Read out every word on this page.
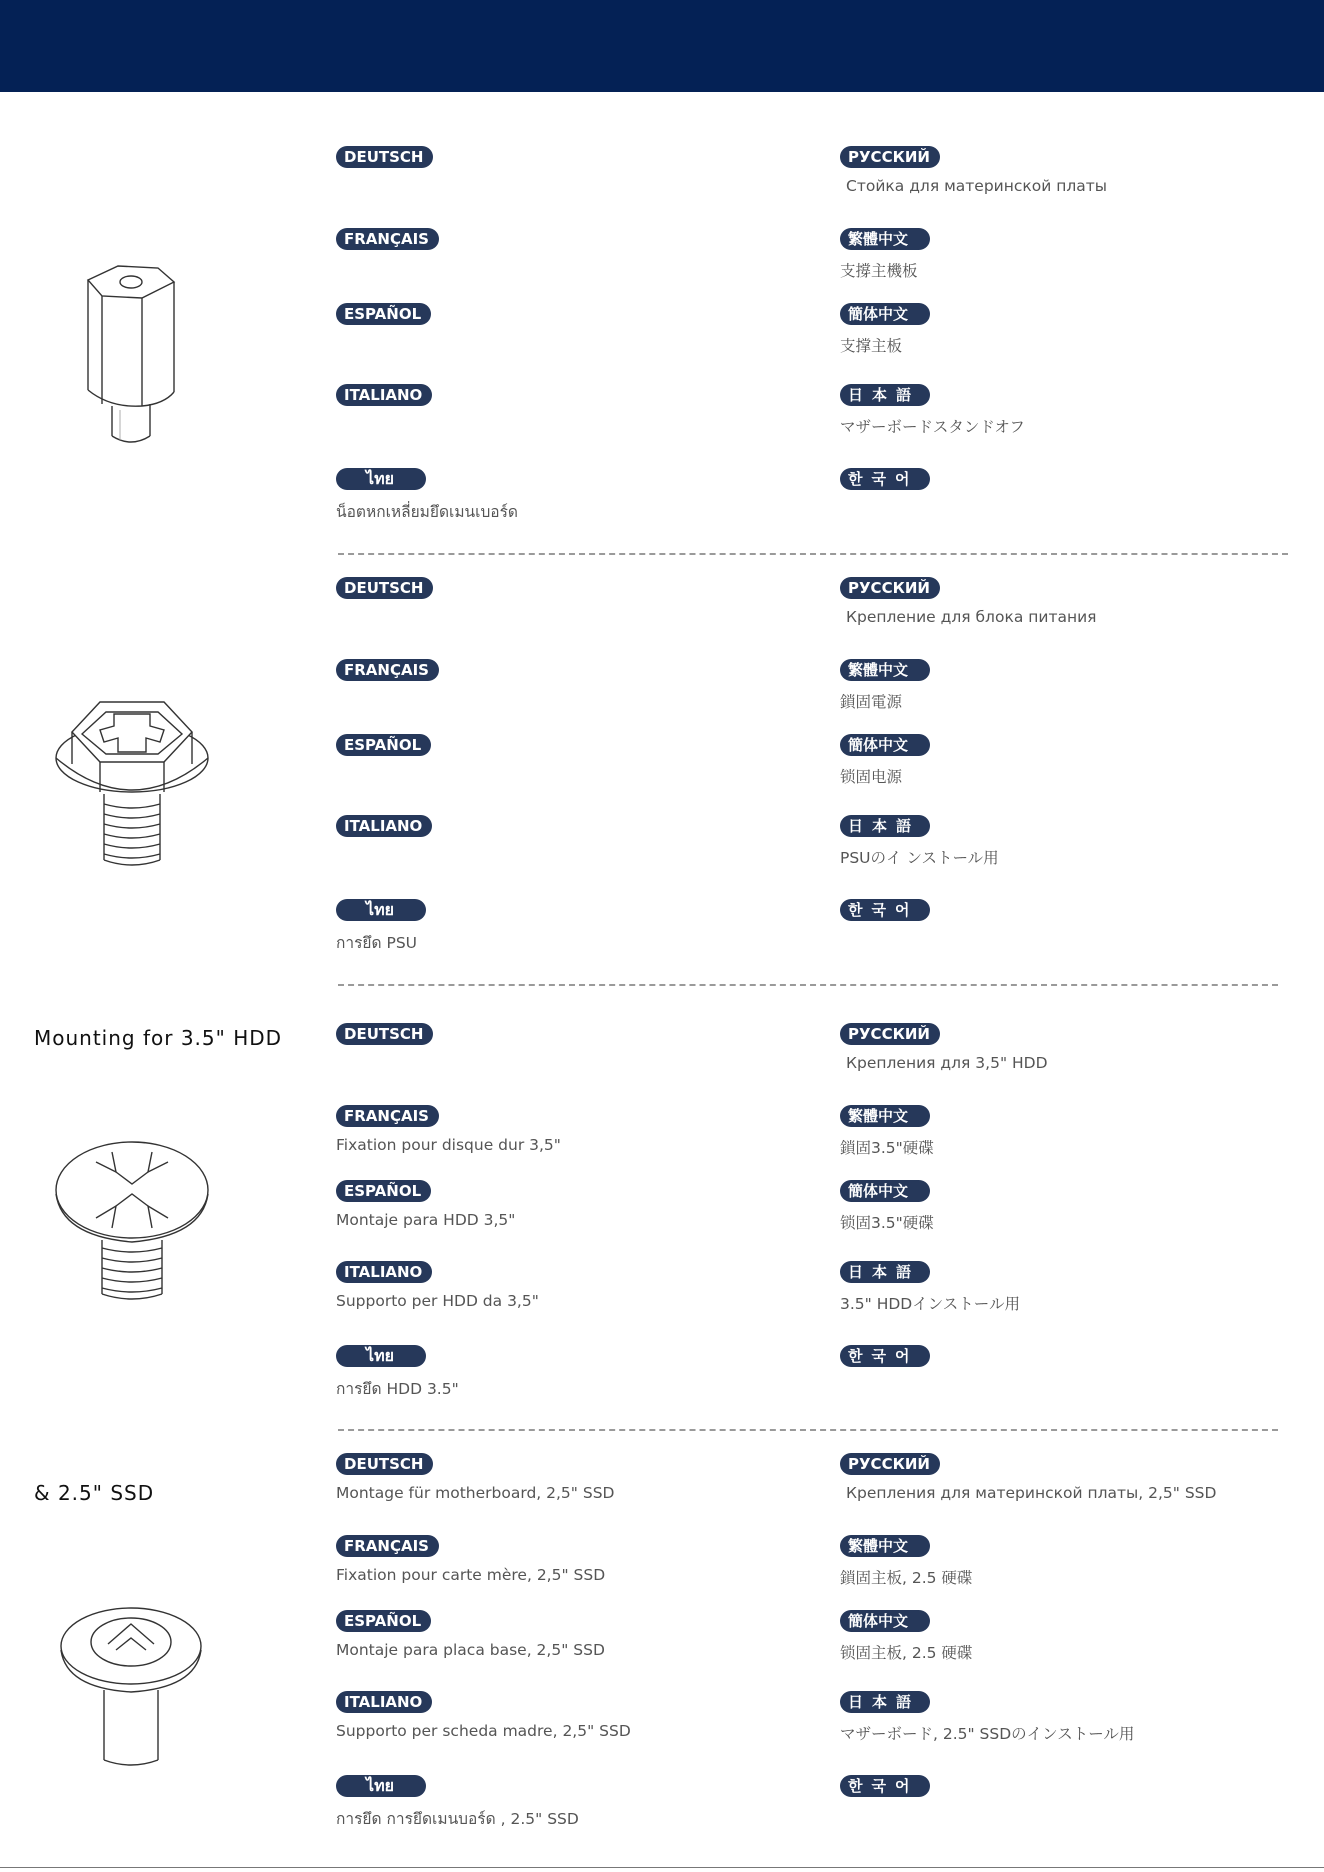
DEUTSCH
FRANÇAIS
ESPAÑOL
ITALIANO
ไทย
น็อตหกเหลี่ยมยึดเมนเบอร์ด
РУССКИЙ
Стойка для материнской платы
繁體中文
支撐主機板
簡体中文
支撑主板
日本語
マザーボードスタンドオフ
한국어
DEUTSCH
FRANÇAIS
ESPAÑOL
ITALIANO
ไทย
การยึด PSU
РУССКИЙ
Крепление для блока питания
繁體中文
鎖固電源
簡体中文
锁固电源
日本語
PSUのイ ンストール用
한국어
Mounting for 3.5" HDD	DEUTSCH
FRANÇAIS
Fixation pour disque dur 3,5"
ESPAÑOL
Montaje para HDD 3,5"
ITALIANO
Supporto per HDD da 3,5"
ไทย
การยึด HDD 3.5"
РУССКИЙ
Крепления для 3,5" HDD
繁體中文
鎖固3.5"硬碟
簡体中文
锁固3.5"硬碟
日本語
3.5" HDDインストール用
한국어
& 2.5" SSD
DEUTSCH
Montage für motherboard, 2,5" SSD
FRANÇAIS
Fixation pour carte mère, 2,5" SSD
ESPAÑOL
Montaje para placa base, 2,5" SSD
ITALIANO
Supporto per scheda madre, 2,5" SSD
ไทย
การยึด การยึดเมนบอร์ด , 2.5" SSD
РУССКИЙ
Крепления для материнской платы, 2,5" SSD
繁體中文
鎖固主板, 2.5 硬碟
簡体中文
锁固主板, 2.5 硬碟
日本語
マザーボード, 2.5" SSDのインストール用
한국어
